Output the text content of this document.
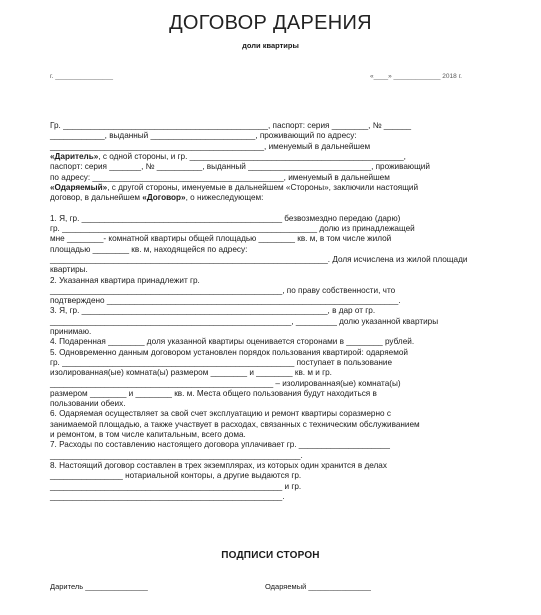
ДОГОВОР ДАРЕНИЯ
доли квартиры
г. ________________	«____» _____________ 2018 г.
Гр. _____________________________________________, паспорт: серия ________, № ______
____________, выданный _______________________, проживающий по адресу:
_______________________________________________, именуемый в дальнейшем
«Даритель», с одной стороны, и гр. _______________________________________________,
паспорт: серия _______, № __________, выданный ___________________________, проживающий
по адресу: __________________________________________, именуемый в дальнейшем
«Одаряемый», с другой стороны, именуемые в дальнейшем «Стороны», заключили настоящий
договор, в дальнейшем «Договор», о нижеследующем:
1. Я, гр. ____________________________________________ безвозмездно передаю (дарю)
гр. ________________________________________________________ долю из принадлежащей
мне ________- комнатной квартиры общей площадью ________ кв. м, в том числе жилой
площадью ________ кв. м, находящейся по адресу:
_____________________________________________________________. Доля исчислена из жилой площади
квартиры.
2. Указанная квартира принадлежит гр.
___________________________________________________, по праву собственности, что
подтверждено ________________________________________________________________.
3. Я, гр. ______________________________________________________, в дар от гр.
_____________________________________________________, _________ долю указанной квартиры
принимаю.
4. Подаренная ________ доля указанной квартиры оценивается сторонами в ________ рублей.
5. Одновременно данным договором установлен порядок пользования квартирой: одаряемой
гр. ___________________________________________________ поступает в пользование
изолированная(ые) комната(ы) размером ________ и ________ кв. м и гр.
_________________________________________________ – изолированная(ые) комната(ы)
размером ________ и ________ кв. м. Места общего пользования будут находиться в
пользовании обеих.
6. Одаряемая осуществляет за свой счет эксплуатацию и ремонт квартиры соразмерно с
занимаемой площадью, а также участвует в расходах, связанных с техническим обслуживанием
и ремонтом, в том числе капитальным, всего дома.
7. Расходы по составлению настоящего договора уплачивает гр. ____________________
_______________________________________________________.
8. Настоящий договор составлен в трех экземплярах, из которых один хранится в делах
________________ нотариальной конторы, а другие выдаются гр.
___________________________________________________ и гр.
___________________________________________________.
ПОДПИСИ СТОРОН
Даритель _______________	Одаряемый _______________
